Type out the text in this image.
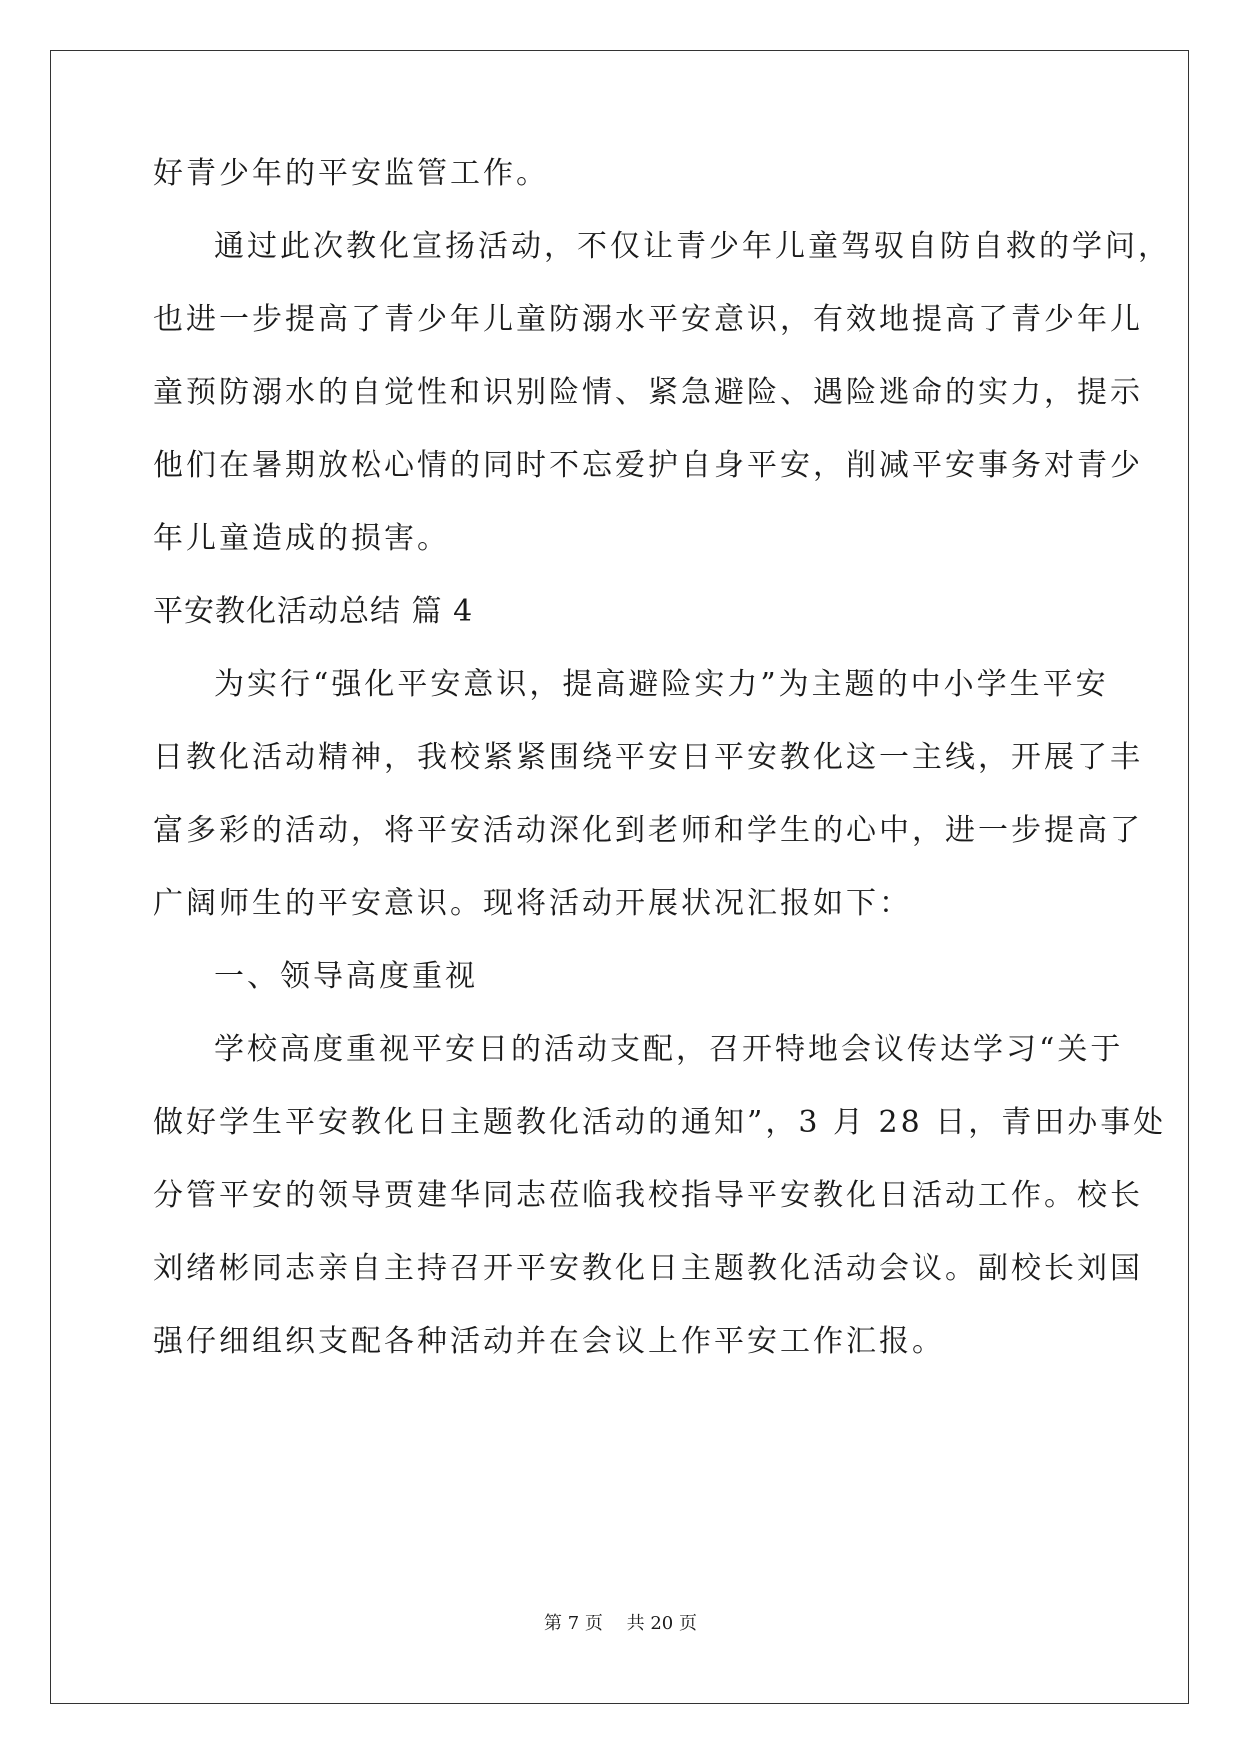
好青少年的平安监管工作。
通过此次教化宣扬活动，不仅让青少年儿童驾驭自防自救的学问，
也进一步提高了青少年儿童防溺水平安意识，有效地提高了青少年儿
童预防溺水的自觉性和识别险情、紧急避险、遇险逃命的实力，提示
他们在暑期放松心情的同时不忘爱护自身平安，削减平安事务对青少
年儿童造成的损害。
平安教化活动总结 篇 4
为实行“强化平安意识，提高避险实力”为主题的中小学生平安
日教化活动精神，我校紧紧围绕平安日平安教化这一主线，开展了丰
富多彩的活动，将平安活动深化到老师和学生的心中，进一步提高了
广阔师生的平安意识。现将活动开展状况汇报如下：
一、领导高度重视
学校高度重视平安日的活动支配，召开特地会议传达学习“关于
做好学生平安教化日主题教化活动的通知”，3 月 28 日，青田办事处
分管平安的领导贾建华同志莅临我校指导平安教化日活动工作。校长
刘绪彬同志亲自主持召开平安教化日主题教化活动会议。副校长刘国
强仔细组织支配各种活动并在会议上作平安工作汇报。
第 7 页　 共 20 页
